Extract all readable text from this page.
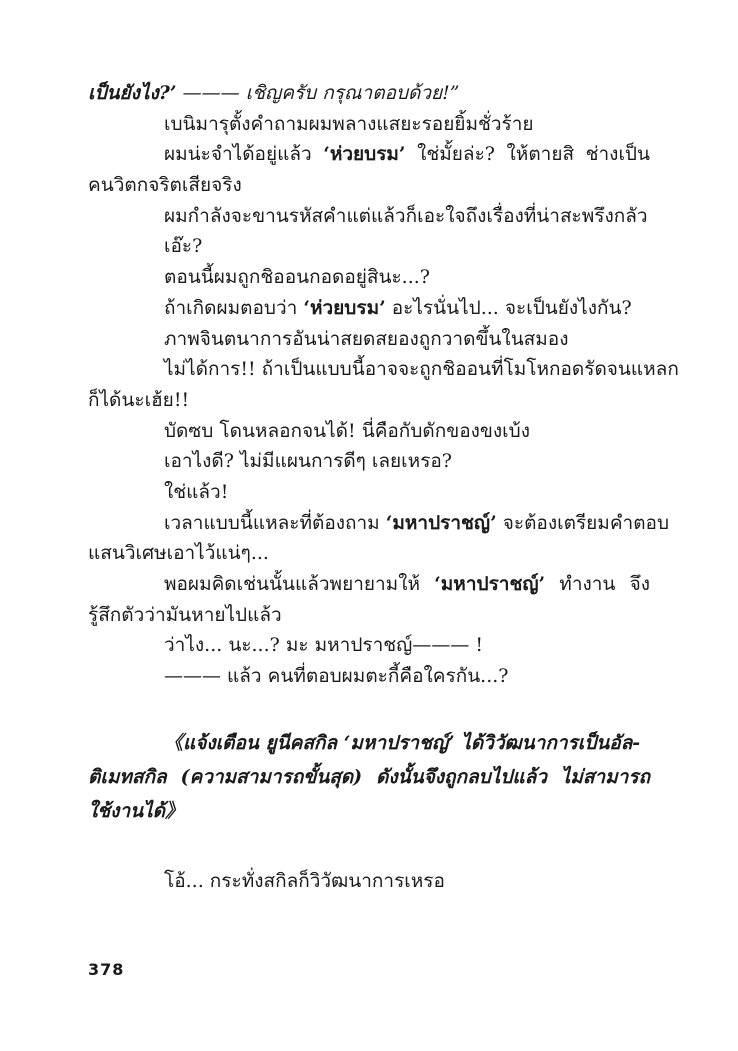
เป็นยังไง?’ ——— เชิญครับ กรุณาตอบด้วย!”
เบนิมารุตั้งคำถามผมพลางแสยะรอยยิ้มชั่วร้าย
ผมน่ะจำได้อยู่แล้ว ‘ห่วยบรม’ ใช่มั้ยล่ะ? ให้ตายสิ ช่างเป็น
คนวิตกจริตเสียจริง
ผมกำลังจะขานรหัสคำแต่แล้วก็เอะใจถึงเรื่องที่น่าสะพรึงกลัว
เอ๊ะ?
ตอนนี้ผมถูกชิออนกอดอยู่สินะ...?
ถ้าเกิดผมตอบว่า ‘ห่วยบรม’ อะไรนั่นไป... จะเป็นยังไงกัน?
ภาพจินตนาการอันน่าสยดสยองถูกวาดขึ้นในสมอง
ไม่ได้การ!! ถ้าเป็นแบบนี้อาจจะถูกชิออนที่โมโหกอดรัดจนแหลก
ก็ได้นะเฮ้ย!!
บัดซบ โดนหลอกจนได้! นี่คือกับดักของขงเบ้ง
เอาไงดี? ไม่มีแผนการดีๆ เลยเหรอ?
ใช่แล้ว!
เวลาแบบนี้แหละที่ต้องถาม ‘มหาปราชญ์’ จะต้องเตรียมคำตอบ
แสนวิเศษเอาไว้แน่ๆ...
พอผมคิดเช่นนั้นแล้วพยายามให้ ‘มหาปราชญ์’ ทำงาน จึง
รู้สึกตัวว่ามันหายไปแล้ว
ว่าไง... นะ...? มะ มหาปราชญ์——— !
——— แล้ว คนที่ตอบผมตะกี้คือใครกัน...?
《แจ้งเตือน ยูนีคสกิล ‘มหาปราชญ์’ ได้วิวัฒนาการเป็นอัล-
ติเมทสกิล (ความสามารถขั้นสุด) ดังนั้นจึงถูกลบไปแล้ว ไม่สามารถ
ใช้งานได้》
โอ้... กระทั่งสกิลก็วิวัฒนาการเหรอ
378
